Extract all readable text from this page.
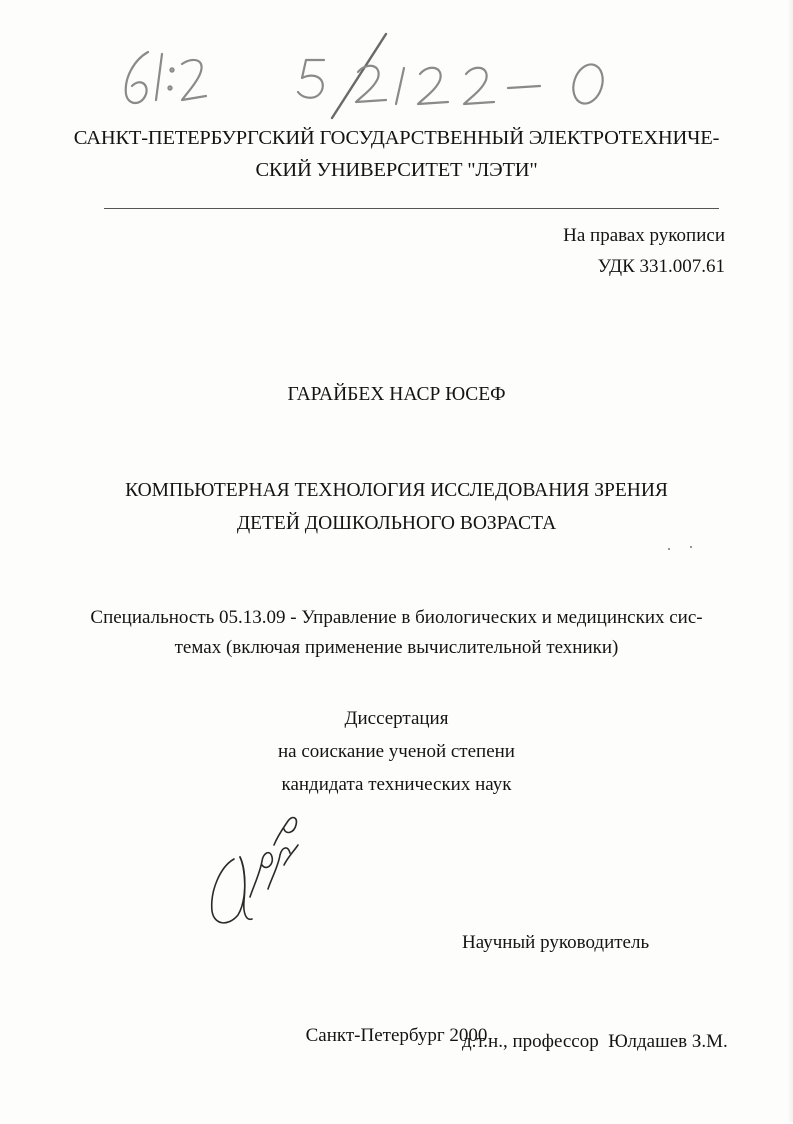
САНКТ-ПЕТЕРБУРГСКИЙ ГОСУДАРСТВЕННЫЙ ЭЛЕКТРОТЕХНИЧЕ-
СКИЙ УНИВЕРСИТЕТ "ЛЭТИ"
На правах рукописи
УДК 331.007.61
ГАРАЙБЕХ НАСР ЮСЕФ
КОМПЬЮТЕРНАЯ ТЕХНОЛОГИЯ ИССЛЕДОВАНИЯ ЗРЕНИЯ
ДЕТЕЙ ДОШКОЛЬНОГО ВОЗРАСТА
Специальность 05.13.09 - Управление в биологических и медицинских сис-
темах (включая применение вычислительной техники)
Диссертация
на соискание ученой степени
кандидата технических наук

Научный руководитель

д.т.н., профессор  Юлдашев З.М.

Санкт-Петербург 2000
